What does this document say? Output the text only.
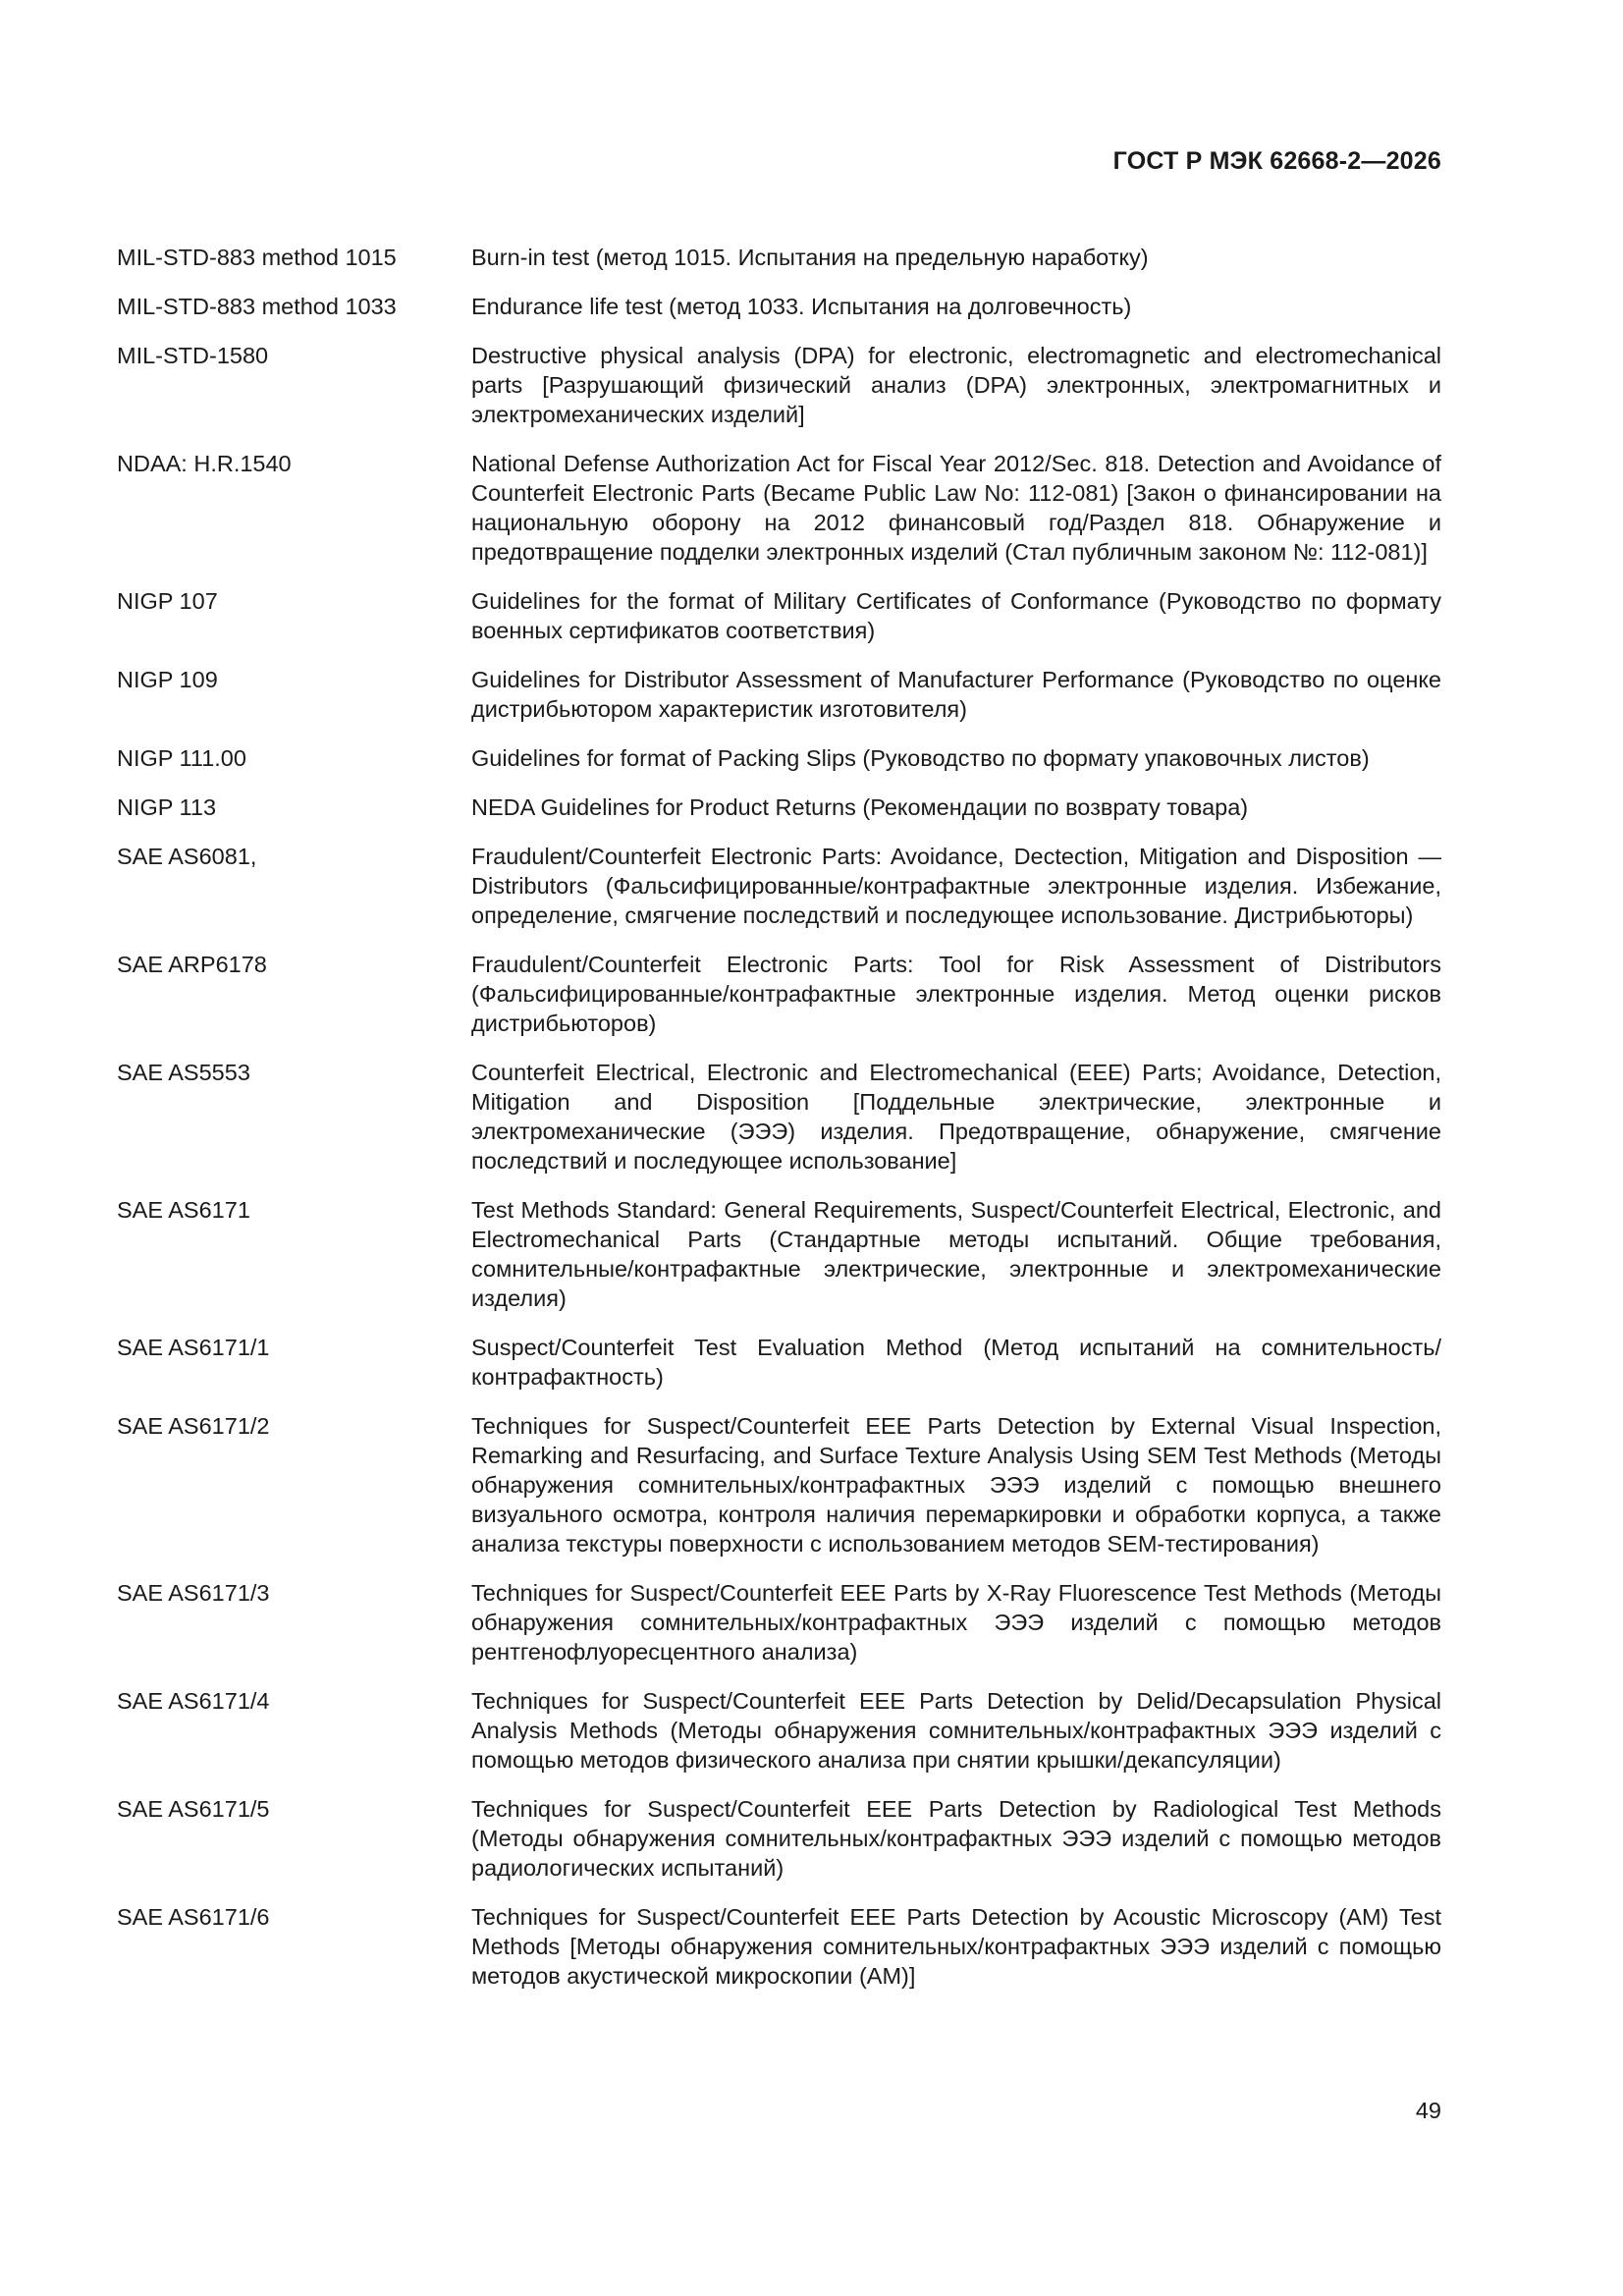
ГОСТ Р МЭК 62668-2—2026
MIL-STD-883 method 1015	Burn-in test (метод 1015. Испытания на предельную наработку)
MIL-STD-883 method 1033	Endurance life test (метод 1033. Испытания на долговечность)
MIL-STD-1580	Destructive physical analysis (DPA) for electronic, electromagnetic and electromechanical parts [Разрушающий физический анализ (DPA) электронных, электромагнитных и электромеханических изделий]
NDAA: H.R.1540	National Defense Authorization Act for Fiscal Year 2012/Sec. 818. Detection and Avoidance of Counterfeit Electronic Parts (Became Public Law No: 112-081) [Закон о финансировании на национальную оборону на 2012 финансовый год/Раздел 818. Обнаружение и предотвращение подделки электронных изделий (Стал публичным законом №: 112-081)]
NIGP 107	Guidelines for the format of Military Certificates of Conformance (Руководство по формату военных сертификатов соответствия)
NIGP 109	Guidelines for Distributor Assessment of Manufacturer Performance (Руководство по оценке дистрибьютором характеристик изготовителя)
NIGP 111.00	Guidelines for format of Packing Slips (Руководство по формату упаковочных листов)
NIGP 113	NEDA Guidelines for Product Returns (Рекомендации по возврату товара)
SAE AS6081,	Fraudulent/Counterfeit Electronic Parts: Avoidance, Dectection, Mitigation and Disposition — Distributors (Фальсифицированные/контрафактные электронные изделия. Избежание, определение, смягчение последствий и последующее использование. Дистрибьюторы)
SAE ARP6178	Fraudulent/Counterfeit Electronic Parts: Tool for Risk Assessment of Distributors (Фальсифицированные/контрафактные электронные изделия. Метод оценки рисков дистрибьюторов)
SAE AS5553	Counterfeit Electrical, Electronic and Electromechanical (EEE) Parts; Avoidance, Detection, Mitigation and Disposition [Поддельные электрические, электронные и электромеханические (ЭЭЭ) изделия. Предотвращение, обнаружение, смягчение последствий и последующее использование]
SAE AS6171	Test Methods Standard: General Requirements, Suspect/Counterfeit Electrical, Electronic, and Electromechanical Parts (Стандартные методы испытаний. Общие требования, сомнительные/контрафактные электрические, электронные и электромеханические изделия)
SAE AS6171/1	Suspect/Counterfeit Test Evaluation Method (Метод испытаний на сомнительность/контрафактность)
SAE AS6171/2	Techniques for Suspect/Counterfeit EEE Parts Detection by External Visual Inspection, Remarking and Resurfacing, and Surface Texture Analysis Using SEM Test Methods (Методы обнаружения сомнительных/контрафактных ЭЭЭ изделий с помощью внешнего визуального осмотра, контроля наличия перемаркировки и обработки корпуса, а также анализа текстуры поверхности с использованием методов SEM-тестирования)
SAE AS6171/3	Techniques for Suspect/Counterfeit EEE Parts by X-Ray Fluorescence Test Methods (Методы обнаружения сомнительных/контрафактных ЭЭЭ изделий с помощью методов рентгенофлуоресцентного анализа)
SAE AS6171/4	Techniques for Suspect/Counterfeit EEE Parts Detection by Delid/Decapsulation Physical Analysis Methods (Методы обнаружения сомнительных/контрафактных ЭЭЭ изделий с помощью методов физического анализа при снятии крышки/декапсуляции)
SAE AS6171/5	Techniques for Suspect/Counterfeit EEE Parts Detection by Radiological Test Methods (Методы обнаружения сомнительных/контрафактных ЭЭЭ изделий с помощью методов радиологических испытаний)
SAE AS6171/6	Techniques for Suspect/Counterfeit EEE Parts Detection by Acoustic Microscopy (AM) Test Methods [Методы обнаружения сомнительных/контрафактных ЭЭЭ изделий с помощью методов акустической микроскопии (AM)]
49
